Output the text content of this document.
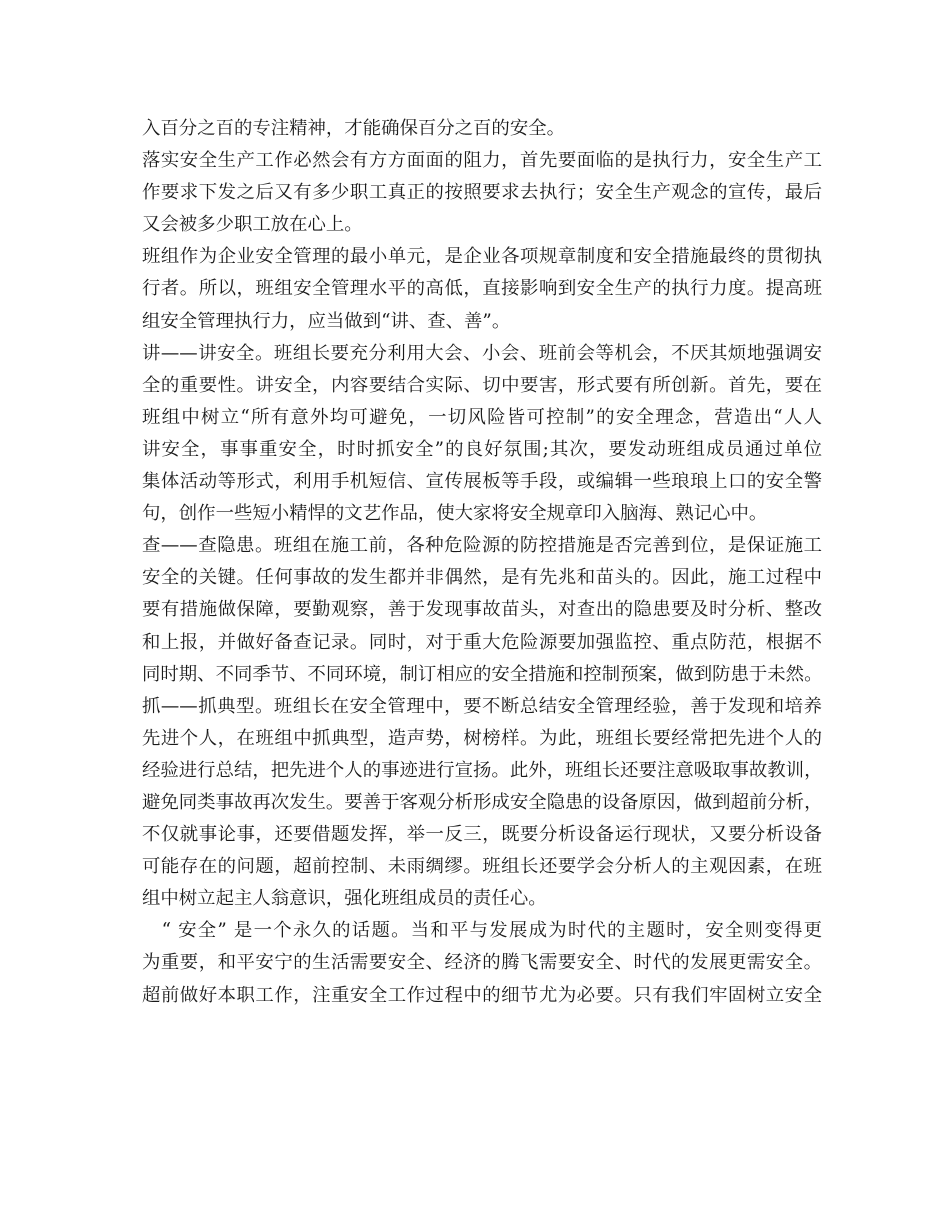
入百分之百的专注精神，才能确保百分之百的安全。

落实安全生产工作必然会有方方面面的阻力，首先要面临的是执行力，安全生产工

作要求下发之后又有多少职工真正的按照要求去执行；安全生产观念的宣传，最后

又会被多少职工放在心上。

班组作为企业安全管理的最小单元，是企业各项规章制度和安全措施最终的贯彻执

行者。所以，班组安全管理水平的高低，直接影响到安全生产的执行力度。提高班

组安全管理执行力，应当做到“讲、查、善”。

讲——讲安全。班组长要充分利用大会、小会、班前会等机会，不厌其烦地强调安

全的重要性。讲安全，内容要结合实际、切中要害，形式要有所创新。首先，要在

班组中树立“所有意外均可避免，一切风险皆可控制”的安全理念，营造出“人人

讲安全，事事重安全，时时抓安全”的良好氛围;其次，要发动班组成员通过单位

集体活动等形式，利用手机短信、宣传展板等手段，或编辑一些琅琅上口的安全警

句，创作一些短小精悍的文艺作品，使大家将安全规章印入脑海、熟记心中。

查——查隐患。班组在施工前，各种危险源的防控措施是否完善到位，是保证施工

安全的关键。任何事故的发生都并非偶然，是有先兆和苗头的。因此，施工过程中

要有措施做保障，要勤观察，善于发现事故苗头，对查出的隐患要及时分析、整改

和上报，并做好备查记录。同时，对于重大危险源要加强监控、重点防范，根据不

同时期、不同季节、不同环境，制订相应的安全措施和控制预案，做到防患于未然。

抓——抓典型。班组长在安全管理中，要不断总结安全管理经验，善于发现和培养

先进个人，在班组中抓典型，造声势，树榜样。为此，班组长要经常把先进个人的

经验进行总结，把先进个人的事迹进行宣扬。此外，班组长还要注意吸取事故教训，

避免同类事故再次发生。要善于客观分析形成安全隐患的设备原因，做到超前分析，

不仅就事论事，还要借题发挥，举一反三，既要分析设备运行现状，又要分析设备

可能存在的问题，超前控制、未雨绸缪。班组长还要学会分析人的主观因素，在班

组中树立起主人翁意识，强化班组成员的责任心。

　“ 安全” 是一个永久的话题。当和平与发展成为时代的主题时，安全则变得更

为重要，和平安宁的生活需要安全、经济的腾飞需要安全、时代的发展更需安全。

超前做好本职工作，注重安全工作过程中的细节尤为必要。只有我们牢固树立安全
